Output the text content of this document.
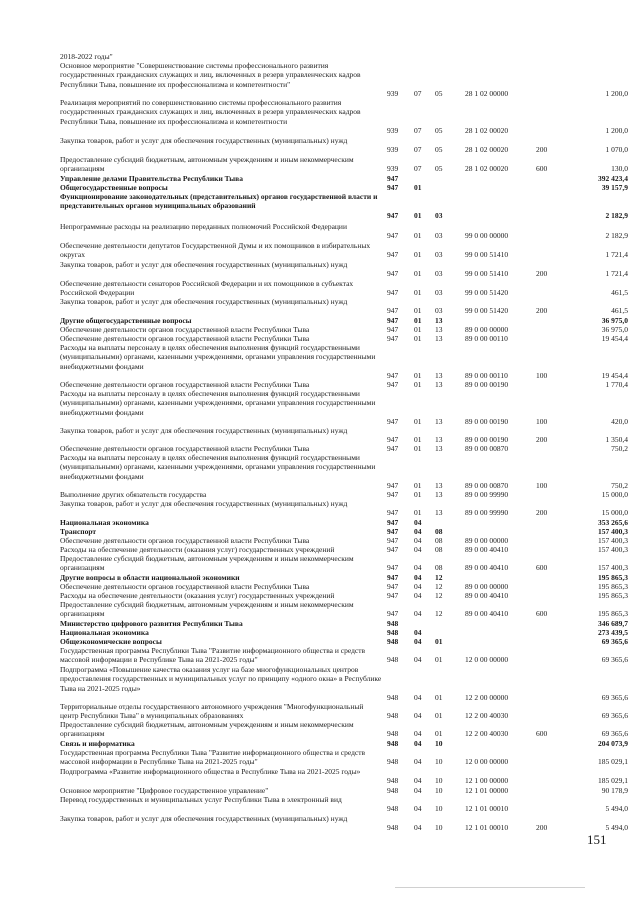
2018-2022 годы"
Основное мероприятие "Совершенствование системы профессионального развития государственных гражданских служащих и лиц, включенных в резерв управленческих кадров Республики Тыва, повышение их профессионализма и компетентности"
939 07 05	28 1 02 00000	1 200,0
Реализация мероприятий по совершенствованию системы профессионального развития государственных гражданских служащих и лиц, включенных в резерв управленческих кадров Республики Тыва, повышение их профессионализма и компетентности
939 07 05	28 1 02 00020	1 200,0
Закупка товаров, работ и услуг для обеспечения государственных (муниципальных) нужд
939 07 05	28 1 02 00020	200	1 070,0
Предоставление субсидий бюджетным, автономным учреждениям и иным некоммерческим организациям	939 07 05	28 1 02 00020	600	130,0
Управление делами Правительства Республики Тыва	947	392 423,4
Общегосударственные вопросы	947 01	39 157,9
Функционирование законодательных (представительных) органов государственной власти и представительных органов муниципальных образований
947 01 03	2 182,9
Непрограммные расходы на реализацию переданных полномочий Российской Федерации
947 01 03	99 0 00 00000	2 182,9
Обеспечение деятельности депутатов Государственной Думы и их помощников в избирательных округах	947 01 03	99 0 00 51410	1 721,4
Закупка товаров, работ и услуг для обеспечения государственных (муниципальных) нужд
947 01 03	99 0 00 51410	200	1 721,4
Обеспечение деятельности сенаторов Российской Федерации и их помощников в субъектах Российской Федерации	947 01 03	99 0 00 51420	461,5
Закупка товаров, работ и услуг для обеспечения государственных (муниципальных) нужд
947 01 03	99 0 00 51420	200	461,5
Другие общегосударственные вопросы	947 01 13	36 975,0
Обеспечение деятельности органов государственной власти Республики Тыва	947 01 13	89 0 00 00000	36 975,0
Обеспечение деятельности органов государственной власти Республики Тыва	947 01 13	89 0 00 00110	19 454,4
Расходы на выплаты персоналу в целях обеспечения выполнения функций государственными (муниципальными) органами, казенными учреждениями, органами управления государственными внебюджетными фондами
947 01 13	89 0 00 00110	100	19 454,4
Обеспечение деятельности органов государственной власти Республики Тыва	947 01 13	89 0 00 00190	1 770,4
Расходы на выплаты персоналу в целях обеспечения выполнения функций государственными (муниципальными) органами, казенными учреждениями, органами управления государственными внебюджетными фондами
947 01 13	89 0 00 00190	100	420,0
Закупка товаров, работ и услуг для обеспечения государственных (муниципальных) нужд
947 01 13	89 0 00 00190	200	1 350,4
Обеспечение деятельности органов государственной власти Республики Тыва	947 01 13	89 0 00 00870	750,2
Расходы на выплаты персоналу в целях обеспечения выполнения функций государственными (муниципальными) органами, казенными учреждениями, органами управления государственными внебюджетными фондами
947 01 13	89 0 00 00870	100	750,2
Выполнение других обязательств государства	947 01 13	89 0 00 99990	15 000,0
Закупка товаров, работ и услуг для обеспечения государственных (муниципальных) нужд
947 01 13	89 0 00 99990	200	15 000,0
Национальная экономика	947 04	353 265,6
Транспорт	947 04 08	157 400,3
Обеспечение деятельности органов государственной власти Республики Тыва	947 04 08	89 0 00 00000	157 400,3
Расходы на обеспечение деятельности (оказания услуг) государственных учреждений	947 04 08	89 0 00 40410	157 400,3
Предоставление субсидий бюджетным, автономным учреждениям и иным некоммерческим организациям	947 04 08	89 0 00 40410	600	157 400,3
Другие вопросы в области национальной экономики	947 04 12	195 865,3
Обеспечение деятельности органов государственной власти Республики Тыва	947 04 12	89 0 00 00000	195 865,3
Расходы на обеспечение деятельности (оказания услуг) государственных учреждений	947 04 12	89 0 00 40410	195 865,3
Предоставление субсидий бюджетным, автономным учреждениям и иным некоммерческим организациям	947 04 12	89 0 00 40410	600	195 865,3
Министерство цифрового развития Республики Тыва	948	346 689,7
Национальная экономика	948 04	273 439,5
Общеэкономические вопросы	948 04 01	69 365,6
Государственная программа Республики Тыва "Развитие информационного общества и средств массовой информации в Республике Тыва на 2021-2025 годы"	948 04 01	12 0 00 00000	69 365,6
Подпрограмма «Повышение качества оказания услуг на базе многофункциональных центров предоставления государственных и муниципальных услуг по принципу «одного окна» в Республике Тыва на 2021-2025 годы»
948 04 01	12 2 00 00000	69 365,6
Территориальные отделы государственного автономного учреждения "Многофункциональный центр Республики Тыва" в муниципальных образованиях	948 04 01	12 2 00 40030	69 365,6
Предоставление субсидий бюджетным, автономным учреждениям и иным некоммерческим организациям	948 04 01	12 2 00 40030	600	69 365,6
Связь и информатика	948 04 10	204 073,9
Государственная программа Республики Тыва "Развитие информационного общества и средств массовой информации в Республике Тыва на 2021-2025 годы"	948 04 10	12 0 00 00000	185 029,1
Подпрограмма «Развитие информационного общества в Республике Тыва на 2021-2025 годы»
948 04 10	12 1 00 00000	185 029,1
Основное мероприятие "Цифровое государственное управление"	948 04 10	12 1 01 00000	90 178,9
Перевод государственных и муниципальных услуг Республики Тыва в электронный вид
948 04 10	12 1 01 00010	5 494,0
Закупка товаров, работ и услуг для обеспечения государственных (муниципальных) нужд
948 04 10	12 1 01 00010	200	5 494,0
151
